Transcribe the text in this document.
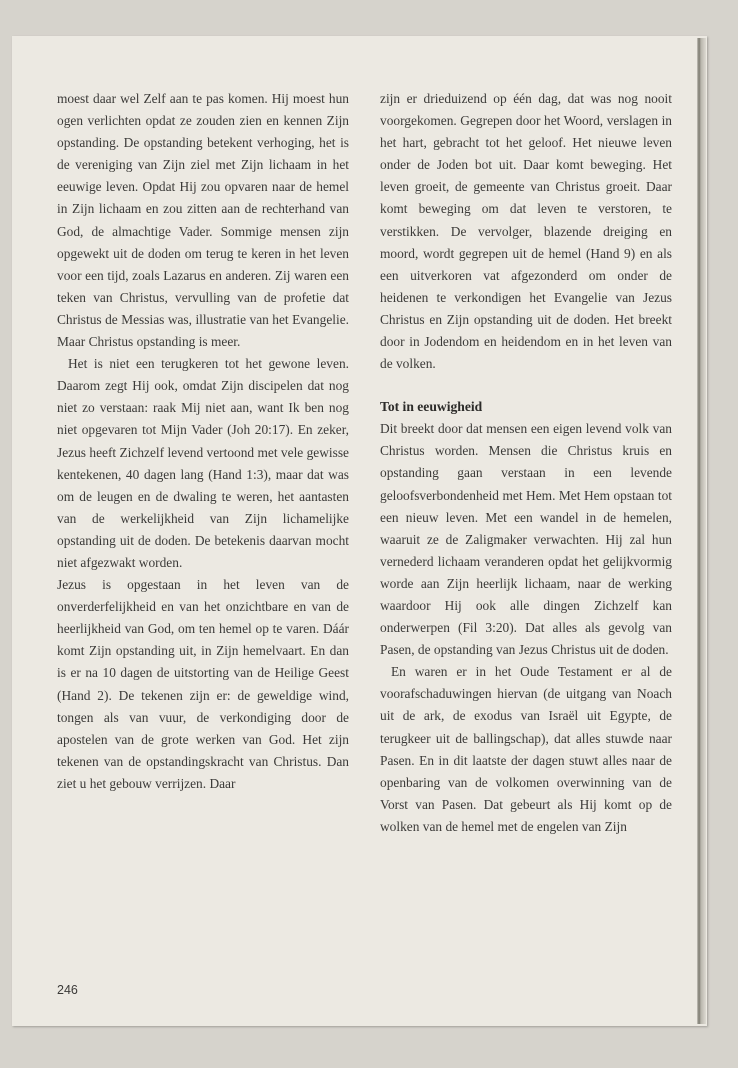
moest daar wel Zelf aan te pas komen. Hij moest hun ogen verlichten opdat ze zouden zien en kennen Zijn opstanding. De opstanding betekent verhoging, het is de vereniging van Zijn ziel met Zijn lichaam in het eeuwige leven. Opdat Hij zou opvaren naar de hemel in Zijn lichaam en zou zitten aan de rechterhand van God, de almachtige Vader. Sommige mensen zijn opgewekt uit de doden om terug te keren in het leven voor een tijd, zoals Lazarus en anderen. Zij waren een teken van Christus, vervulling van de profetie dat Christus de Messias was, illustratie van het Evangelie. Maar Christus opstanding is meer.

Het is niet een terugkeren tot het gewone leven. Daarom zegt Hij ook, omdat Zijn discipelen dat nog niet zo verstaan: raak Mij niet aan, want Ik ben nog niet opgevaren tot Mijn Vader (Joh 20:17). En zeker, Jezus heeft Zichzelf levend vertoond met vele gewisse kentekenen, 40 dagen lang (Hand 1:3), maar dat was om de leugen en de dwaling te weren, het aantasten van de werkelijkheid van Zijn lichamelijke opstanding uit de doden. De betekenis daarvan mocht niet afgezwakt worden.

Jezus is opgestaan in het leven van de onverderfelijkheid en van het onzichtbare en van de heerlijkheid van God, om ten hemel op te varen. Dáár komt Zijn opstanding uit, in Zijn hemelvaart. En dan is er na 10 dagen de uitstorting van de Heilige Geest (Hand 2). De tekenen zijn er: de geweldige wind, tongen als van vuur, de verkondiging door de apostelen van de grote werken van God. Het zijn tekenen van de opstandingskracht van Christus. Dan ziet u het gebouw verrijzen. Daar

zijn er drieduizend op één dag, dat was nog nooit voorgekomen. Gegrepen door het Woord, verslagen in het hart, gebracht tot het geloof. Het nieuwe leven onder de Joden bot uit. Daar komt beweging. Het leven groeit, de gemeente van Christus groeit. Daar komt beweging om dat leven te verstoren, te verstikken. De vervolger, blazende dreiging en moord, wordt gegrepen uit de hemel (Hand 9) en als een uitverkoren vat afgezonderd om onder de heidenen te verkondigen het Evangelie van Jezus Christus en Zijn opstanding uit de doden. Het breekt door in Jodendom en heidendom en in het leven van de volken.

Tot in eeuwigheid

Dit breekt door dat mensen een eigen levend volk van Christus worden. Mensen die Christus kruis en opstanding gaan verstaan in een levende geloofsverbondenheid met Hem. Met Hem opstaan tot een nieuw leven. Met een wandel in de hemelen, waaruit ze de Zaligmaker verwachten. Hij zal hun vernederd lichaam veranderen opdat het gelijkvormig worde aan Zijn heerlijk lichaam, naar de werking waardoor Hij ook alle dingen Zichzelf kan onderwerpen (Fil 3:20). Dat alles als gevolg van Pasen, de opstanding van Jezus Christus uit de doden.

En waren er in het Oude Testament er al de voorafschaduwingen hiervan (de uitgang van Noach uit de ark, de exodus van Israël uit Egypte, de terugkeer uit de ballingschap), dat alles stuwde naar Pasen. En in dit laatste der dagen stuwt alles naar de openbaring van de volkomen overwinning van de Vorst van Pasen. Dat gebeurt als Hij komt op de wolken van de hemel met de engelen van Zijn

246
